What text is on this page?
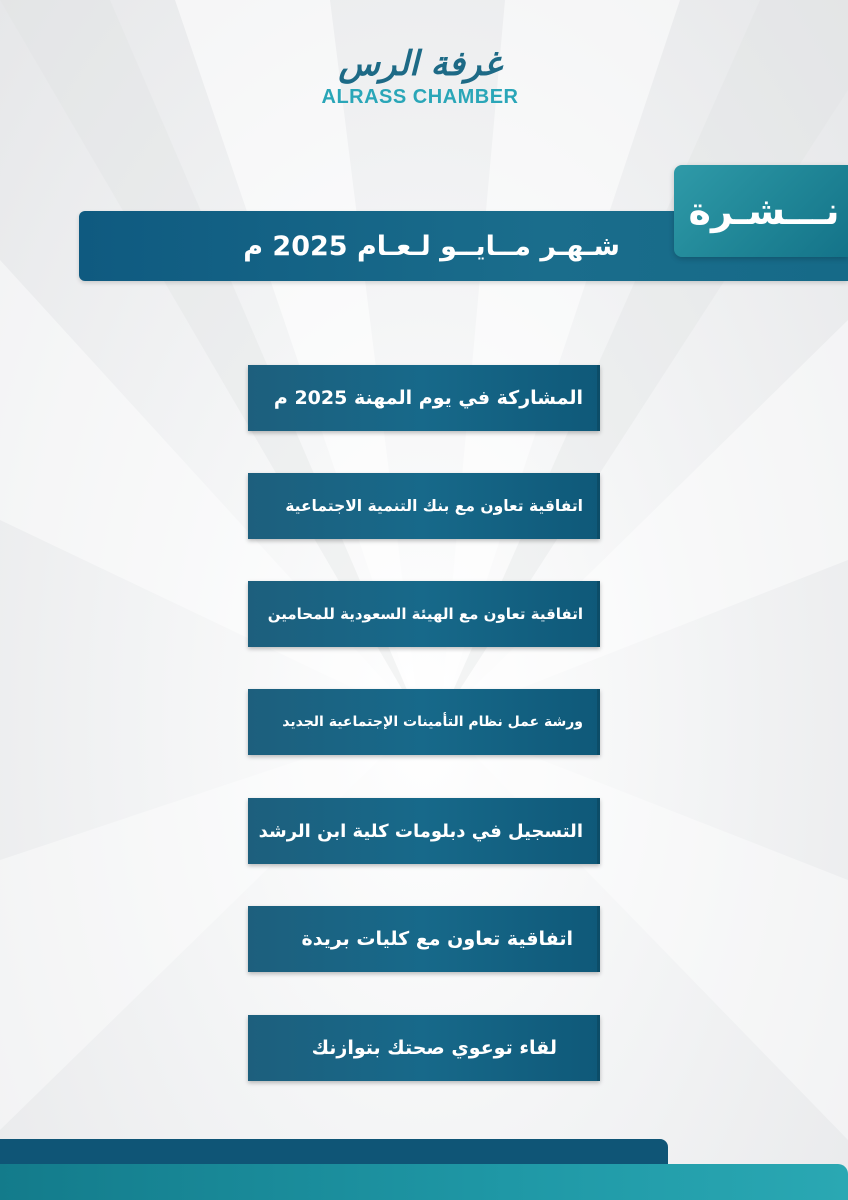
غرفة الرس
ALRASS CHAMBER
شـهـر مــايــو لـعـام 2025 م
نـــشـرة
المشاركة في يوم المهنة 2025 م
اتفاقية تعاون مع بنك التنمية الاجتماعية
اتفاقية تعاون مع الهيئة السعودية للمحامين
ورشة عمل نظام التأمينات الإجتماعية الجديد
التسجيل في دبلومات كلية ابن الرشد
اتفاقية تعاون مع كليات بريدة
لقاء توعوي صحتك بتوازنك
